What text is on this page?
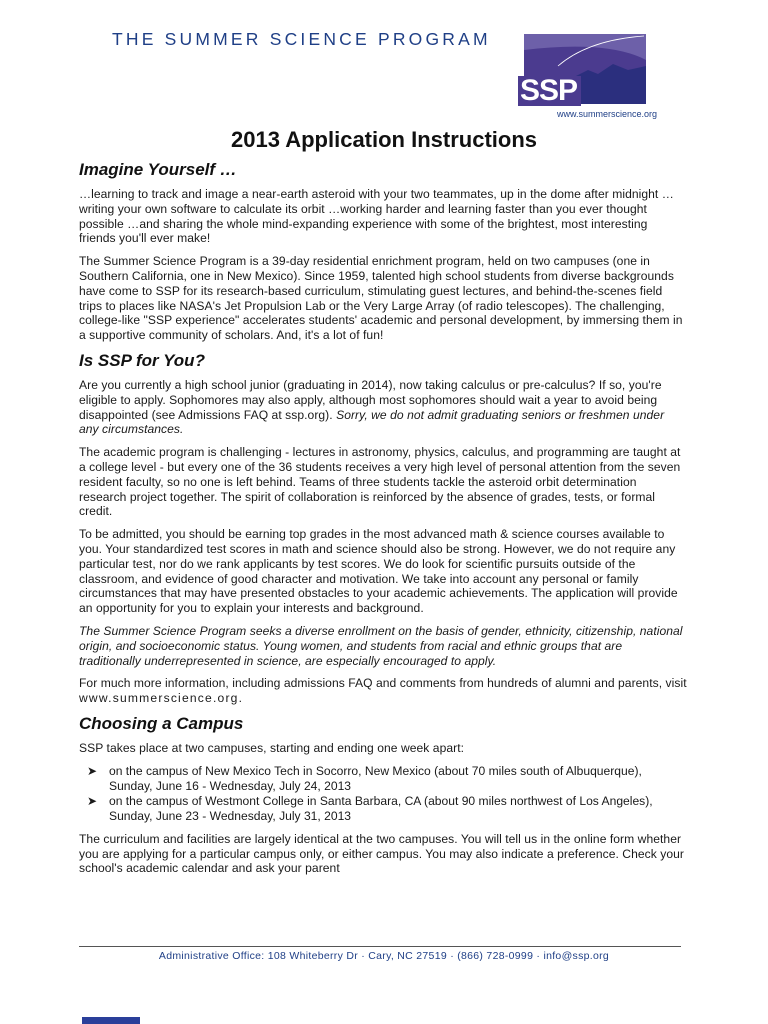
THE SUMMER SCIENCE PROGRAM
SSP
www.summerscience.org
2013 Application Instructions
Imagine Yourself …

…learning to track and image a near-earth asteroid with your two teammates, up in the dome after midnight …writing your own software to calculate its orbit …working harder and learning faster than you ever thought possible …and sharing the whole mind-expanding experience with some of the brightest, most interesting friends you'll ever make!

The Summer Science Program is a 39-day residential enrichment program, held on two campuses (one in Southern California, one in New Mexico). Since 1959, talented high school students from diverse backgrounds have come to SSP for its research-based curriculum, stimulating guest lectures, and behind-the-scenes field trips to places like NASA's Jet Propulsion Lab or the Very Large Array (of radio telescopes). The challenging, college-like "SSP experience" accelerates students' academic and personal development, by immersing them in a supportive community of scholars. And, it's a lot of fun!

Is SSP for You?

Are you currently a high school junior (graduating in 2014), now taking calculus or pre-calculus? If so, you're eligible to apply. Sophomores may also apply, although most sophomores should wait a year to avoid being disappointed (see Admissions FAQ at ssp.org). Sorry, we do not admit graduating seniors or freshmen under any circumstances.

The academic program is challenging - lectures in astronomy, physics, calculus, and programming are taught at a college level - but every one of the 36 students receives a very high level of personal attention from the seven resident faculty, so no one is left behind. Teams of three students tackle the asteroid orbit determination research project together. The spirit of collaboration is reinforced by the absence of grades, tests, or formal credit.

To be admitted, you should be earning top grades in the most advanced math & science courses available to you. Your standardized test scores in math and science should also be strong. However, we do not require any particular test, nor do we rank applicants by test scores. We do look for scientific pursuits outside of the classroom, and evidence of good character and motivation. We take into account any personal or family circumstances that may have presented obstacles to your academic achievements. The application will provide an opportunity for you to explain your interests and background.

The Summer Science Program seeks a diverse enrollment on the basis of gender, ethnicity, citizenship, national origin, and socioeconomic status. Young women, and students from racial and ethnic groups that are traditionally underrepresented in science, are especially encouraged to apply.

For much more information, including admissions FAQ and comments from hundreds of alumni and parents, visit www.summerscience.org.

Choosing a Campus

SSP takes place at two campuses, starting and ending one week apart:

➤ on the campus of New Mexico Tech in Socorro, New Mexico (about 70 miles south of Albuquerque), Sunday, June 16 - Wednesday, July 24, 2013
➤ on the campus of Westmont College in Santa Barbara, CA (about 90 miles northwest of Los Angeles), Sunday, June 23 - Wednesday, July 31, 2013

The curriculum and facilities are largely identical at the two campuses. You will tell us in the online form whether you are applying for a particular campus only, or either campus. You may also indicate a preference. Check your school's academic calendar and ask your parent

Administrative Office: 108 Whiteberry Dr · Cary, NC 27519 · (866) 728-0999 · info@ssp.org
